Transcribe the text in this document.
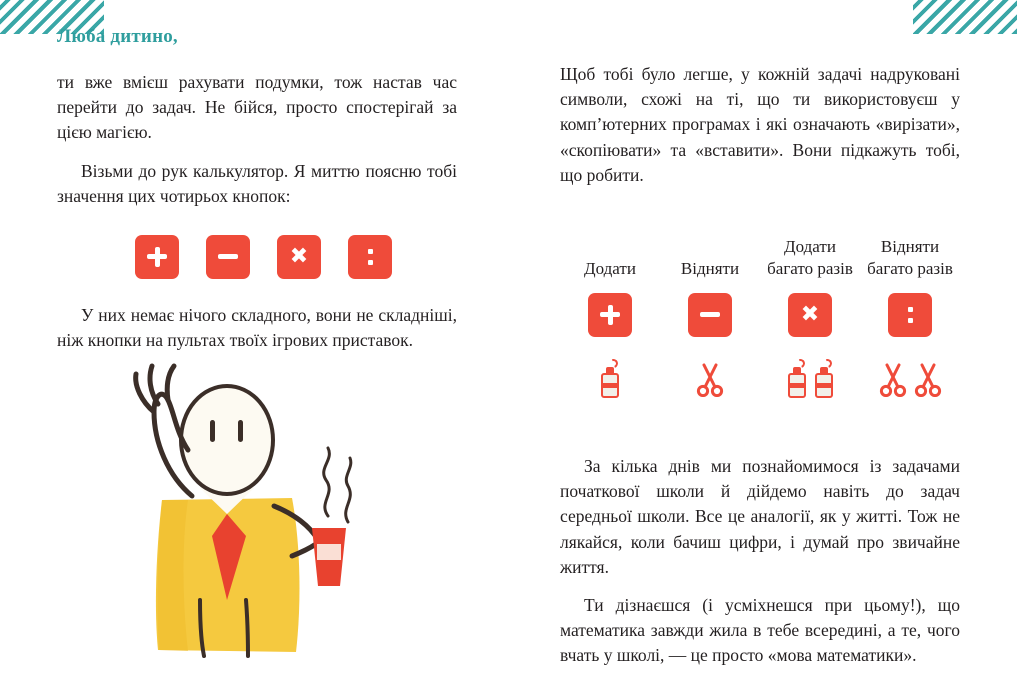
Люба дитино,

ти вже вмієш рахувати подумки, тож настав час перейти до задач. Не бійся, просто спостерігай за цією магією.

Візьми до рук калькулятор. Я миттю поясню тобі значення цих чотирьох кнопок:

✖

У них немає нічого складного, вони не складніші, ніж кнопки на пультах твоїх ігрових приставок.

Щоб тобі було легше, у кожній задачі надруковані символи, схожі на ті, що ти використовуєш у комп’ютерних програмах і які означають «вирізати», «скопіювати» та «вставити». Вони підкажуть тобі, що робити.

Додати	Відняти
Додати багато разів
✖
Відняти багато разів

За кілька днів ми познайомимося із задачами початкової школи й дійдемо навіть до задач середньої школи. Все це аналогії, як у житті. Тож не лякайся, коли бачиш цифри, і думай про звичайне життя.

Ти дізнаєшся (і усміхнешся при цьому!), що математика завжди жила в тебе всередині, а те, чого вчать у школі, — це просто «мова математики».
